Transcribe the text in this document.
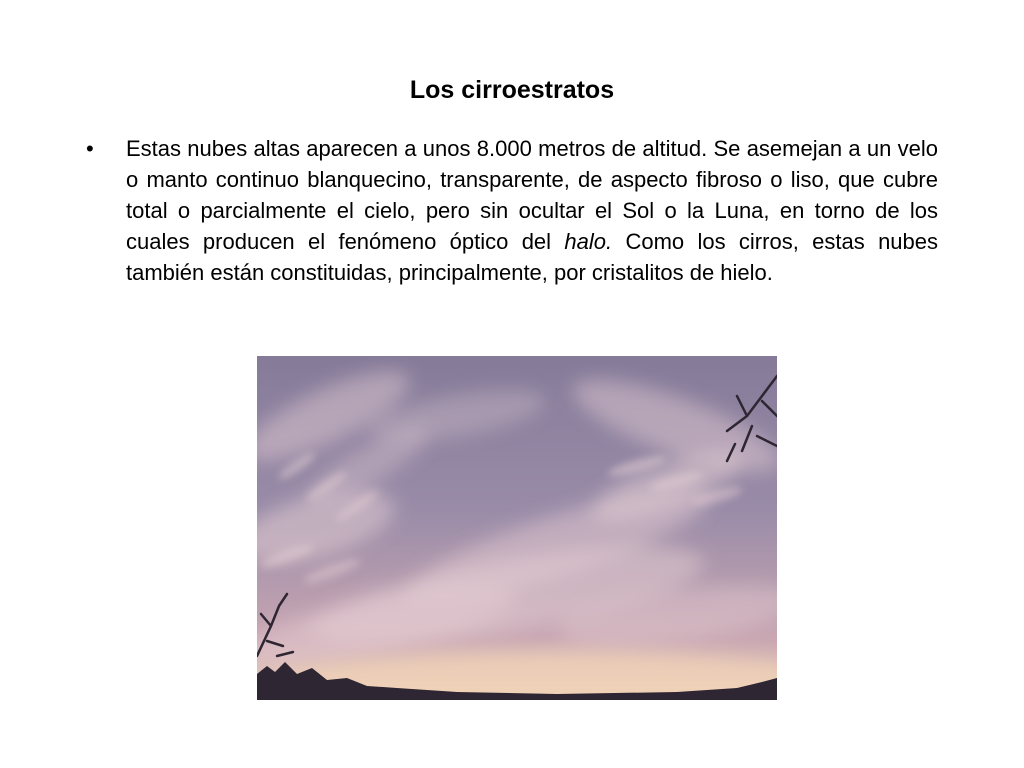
Los cirroestratos
• Estas nubes altas aparecen a unos 8.000 metros de altitud. Se asemejan a un velo o manto continuo blanquecino, transparente, de aspecto fibroso o liso, que cubre total o parcialmente el cielo, pero sin ocultar el Sol o la Luna, en torno de los cuales producen el fenómeno óptico del halo. Como los cirros, estas nubes también están constituidas, principalmente, por cristalitos de hielo.
